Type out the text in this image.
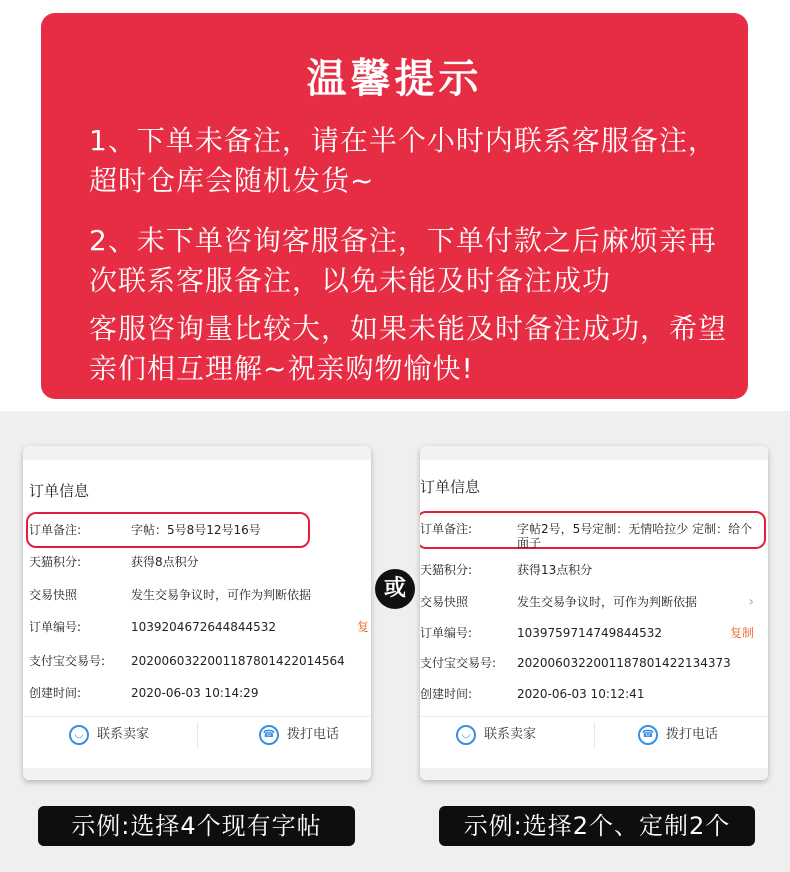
温馨提示
1、下单未备注，请在半个小时内联系客服备注，超时仓库会随机发货~
2、未下单咨询客服备注，下单付款之后麻烦亲再次联系客服备注，以免未能及时备注成功
客服咨询量比较大，如果未能及时备注成功，希望亲们相互理解~祝亲购物愉快!
订单信息
订单备注:	字帖：5号8号12号16号
天猫积分:	获得8点积分
交易快照	发生交易争议时，可作为判断依据
订单编号:	1039204672644844532	复
支付宝交易号: 2020060322001187801422014564
创建时间:	2020-06-03 10:14:29
◡	联系卖家	☎ 拨打电话
或
订单信息
订单备注:	字帖2号，5号定制：无情哈拉少 定制：给个面子
天猫积分:	获得13点积分
交易快照	发生交易争议时，可作为判断依据	›
订单编号:	1039759714749844532	复制
支付宝交易号: 2020060322001187801422134373
创建时间:	2020-06-03 10:12:41
◡	联系卖家	☎ 拨打电话
示例:选择4个现有字帖	示例:选择2个、定制2个
